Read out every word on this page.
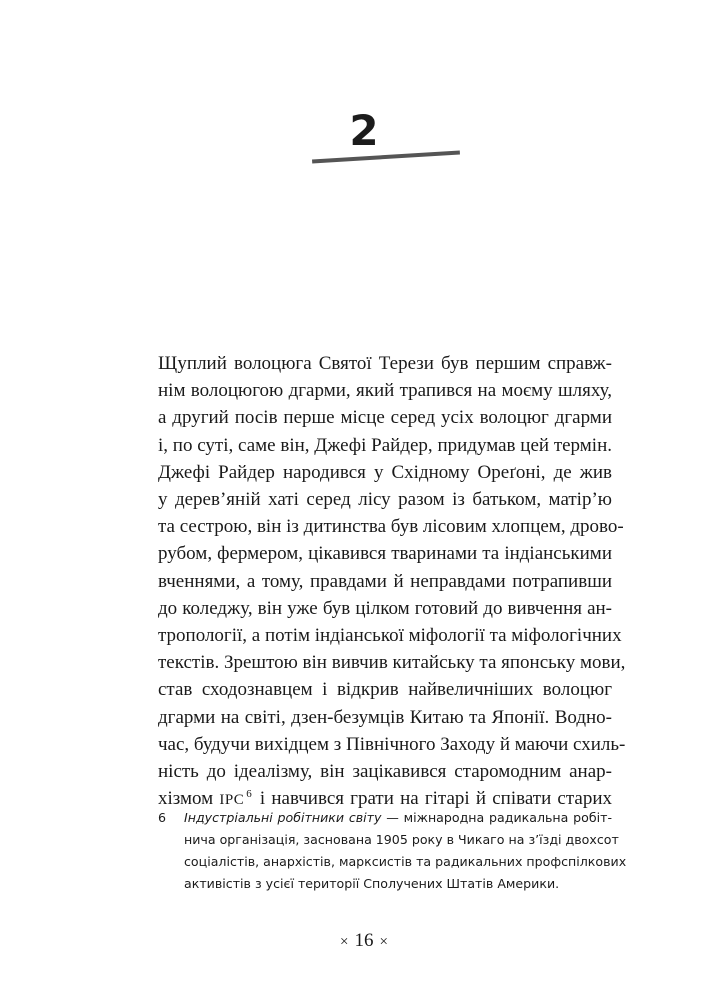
2
Щуплий волоцюга Святої Терези був першим справж-
нім волоцюгою дгарми, який трапився на моєму шляху,
а другий посів перше місце серед усіх волоцюг дгарми
і, по суті, саме він, Джефі Райдер, придумав цей термін.
Джефі Райдер народився у Східному Ореґоні, де жив
у дерев’яній хаті серед лісу разом із батьком, матір’ю
та сестрою, він із дитинства був лісовим хлопцем, дрово-
рубом, фермером, цікавився тваринами та індіанськими
вченнями, а тому, правдами й неправдами потрапивши
до коледжу, він уже був цілком готовий до вивчення ан-
тропології, а потім індіанської міфології та міфологічних
текстів. Зрештою він вивчив китайську та японську мови,
став сходознавцем і відкрив найвеличніших волоцюг
дгарми на світі, дзен-безумців Китаю та Японії. Водно-
час, будучи вихідцем з Північного Заходу й маючи схиль-
ність до ідеалізму, він зацікавився старомодним анар-
хізмом IPC $^6$ і навчився грати на гітарі й співати старих
6 Індустріальні робітники світу — міжнародна радикальна робіт-
нича організація, заснована 1905 року в Чикаго на з’їзді двохсот
соціалістів, анархістів, марксистів та радикальних профспілкових
активістів з усієї території Сполучених Штатів Америки.
× 16 ×
